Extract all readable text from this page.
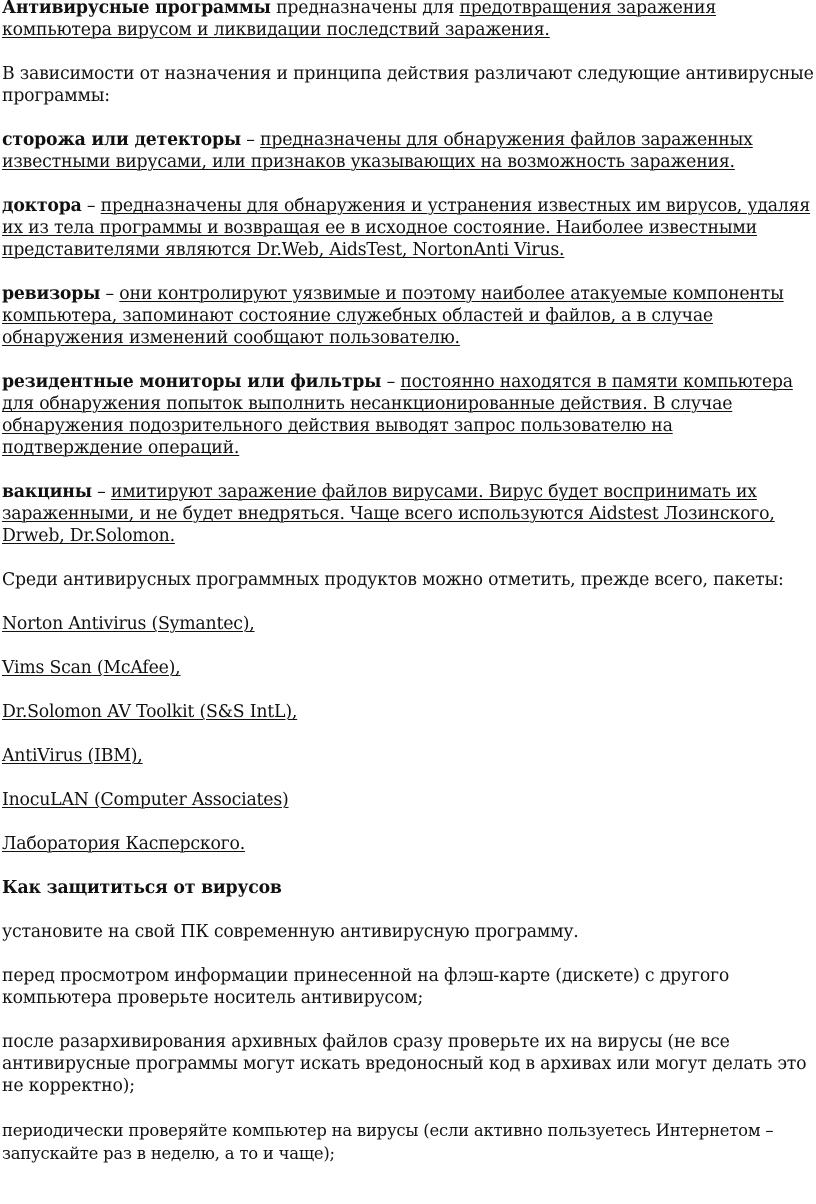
Антивирусные программы предназначены для предотвращения заражения компьютера вирусом и ликвидации последствий заражения.

В зависимости от назначения и принципа действия различают следующие антивирусные программы:

сторожа или детекторы – предназначены для обнаружения файлов зараженных известными вирусами, или признаков указывающих на возможность заражения.

доктора – предназначены для обнаружения и устранения известных им вирусов, удаляя их из тела программы и возвращая ее в исходное состояние. Наиболее известными представителями являются Dr.Web, AidsTest, NortonAnti Virus.

ревизоры – они контролируют уязвимые и поэтому наиболее атакуемые компоненты компьютера, запоминают состояние служебных областей и файлов, а в случае обнаружения изменений сообщают пользователю.

резидентные мониторы или фильтры – постоянно находятся в памяти компьютера для обнаружения попыток выполнить несанкционированные действия. В случае обнаружения подозрительного действия выводят запрос пользователю на подтверждение операций.

вакцины – имитируют заражение файлов вирусами. Вирус будет воспринимать их зараженными, и не будет внедряться. Чаще всего используются Aidstest Лозинского, Drweb, Dr.Solomon.

Среди антивирусных программных продуктов можно отметить, прежде всего, пакеты:

Norton Antivirus (Symantec),

Vims Scan (McAfee),

Dr.Solomon AV Toolkit (S&S IntL),

AntiVirus (IBM),

InocuLAN (Computer Associates)

Лаборатория Касперского.

Как защититься от вирусов

установите на свой ПК современную антивирусную программу.

перед просмотром информации принесенной на флэш-карте (дискете) с другого компьютера проверьте носитель антивирусом;

после разархивирования архивных файлов сразу проверьте их на вирусы (не все антивирусные программы могут искать вредоносный код в архивах или могут делать это не корректно);

периодически проверяйте компьютер на вирусы (если активно пользуетесь Интернетом – запускайте раз в неделю, а то и чаще);
